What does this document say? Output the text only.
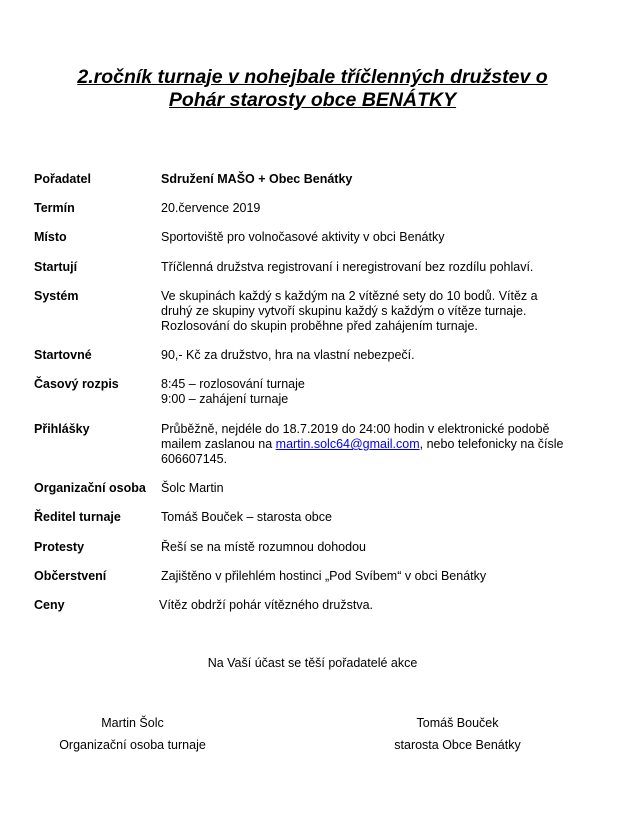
2.ročník turnaje v nohejbale tříčlenných družstev o
Pohár starosty obce BENÁTKY
Pořadatel	Sdružení MAŠO + Obec Benátky
Termín	20.července 2019
Místo	Sportoviště pro volnočasové aktivity v obci Benátky
Startují	Tříčlenná družstva registrovaní i neregistrovaní bez rozdílu pohlaví.
Systém	Ve skupinách každý s každým na 2 vítězné sety do 10 bodů. Vítěz a
druhý ze skupiny vytvoří skupinu každý s každým o vítěze turnaje.
Rozlosování do skupin proběhne před zahájením turnaje.
Startovné	90,- Kč za družstvo, hra na vlastní nebezpečí.
Časový rozpis	8:45 – rozlosování turnaje
9:00 – zahájení turnaje
Přihlášky	Průběžně, nejdéle do 18.7.2019 do 24:00 hodin v elektronické podobě
mailem zaslanou na martin.solc64@gmail.com, nebo telefonicky na čísle
606607145.
Organizační osoba	Šolc Martin
Ředitel turnaje	Tomáš Bouček – starosta obce
Protesty	Řeší se na místě rozumnou dohodou
Občerstvení	Zajištěno v přilehlém hostinci „Pod Svíbem“ v obci Benátky
Ceny	Vítěz obdrží pohár vítězného družstva.
Na Vaší účast se těší pořadatelé akce
Martin Šolc
Organizační osoba turnaje
Tomáš Bouček
starosta Obce Benátky
